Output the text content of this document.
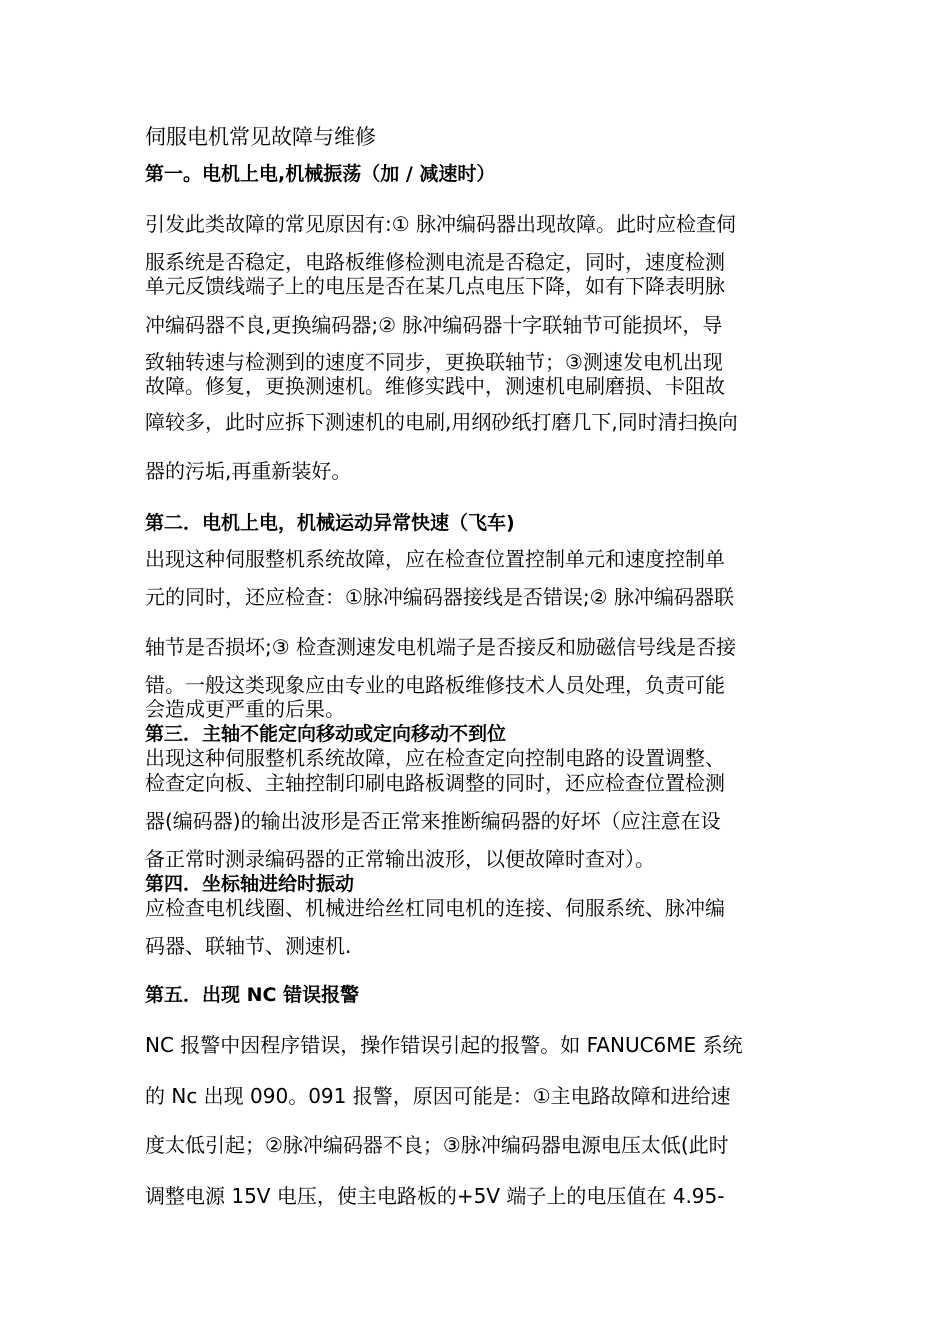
伺服电机常见故障与维修
第一。电机上电,机械振荡（加 / 减速时）
引发此类故障的常见原因有:① 脉冲编码器出现故障。此时应检查伺
服系统是否稳定，电路板维修检测电流是否稳定，同时，速度检测
单元反馈线端子上的电压是否在某几点电压下降，如有下降表明脉
冲编码器不良,更换编码器;② 脉冲编码器十字联轴节可能损坏，导
致轴转速与检测到的速度不同步，更换联轴节；③测速发电机出现
故障。修复，更换测速机。维修实践中，测速机电刷磨损、卡阻故
障较多，此时应拆下测速机的电刷,用纲砂纸打磨几下,同时清扫换向
器的污垢,再重新装好。
第二．电机上电，机械运动异常快速（飞车)
出现这种伺服整机系统故障，应在检查位置控制单元和速度控制单
元的同时，还应检查：①脉冲编码器接线是否错误;② 脉冲编码器联
轴节是否损坏;③ 检查测速发电机端子是否接反和励磁信号线是否接
错。一般这类现象应由专业的电路板维修技术人员处理，负责可能
会造成更严重的后果。
第三．主轴不能定向移动或定向移动不到位
出现这种伺服整机系统故障，应在检查定向控制电路的设置调整、
检查定向板、主轴控制印刷电路板调整的同时，还应检查位置检测
器(编码器)的输出波形是否正常来推断编码器的好坏（应注意在设
备正常时测录编码器的正常输出波形，以便故障时查对）。
第四．坐标轴进给时振动
应检查电机线圈、机械进给丝杠同电机的连接、伺服系统、脉冲编
码器、联轴节、测速机.
第五．出现 NC 错误报警
NC 报警中因程序错误，操作错误引起的报警。如 FANUC6ME 系统
的 Nc 出现 090。091 报警，原因可能是：①主电路故障和进给速
度太低引起；②脉冲编码器不良；③脉冲编码器电源电压太低(此时
调整电源 15V 电压，使主电路板的+5V 端子上的电压值在 4.95-
